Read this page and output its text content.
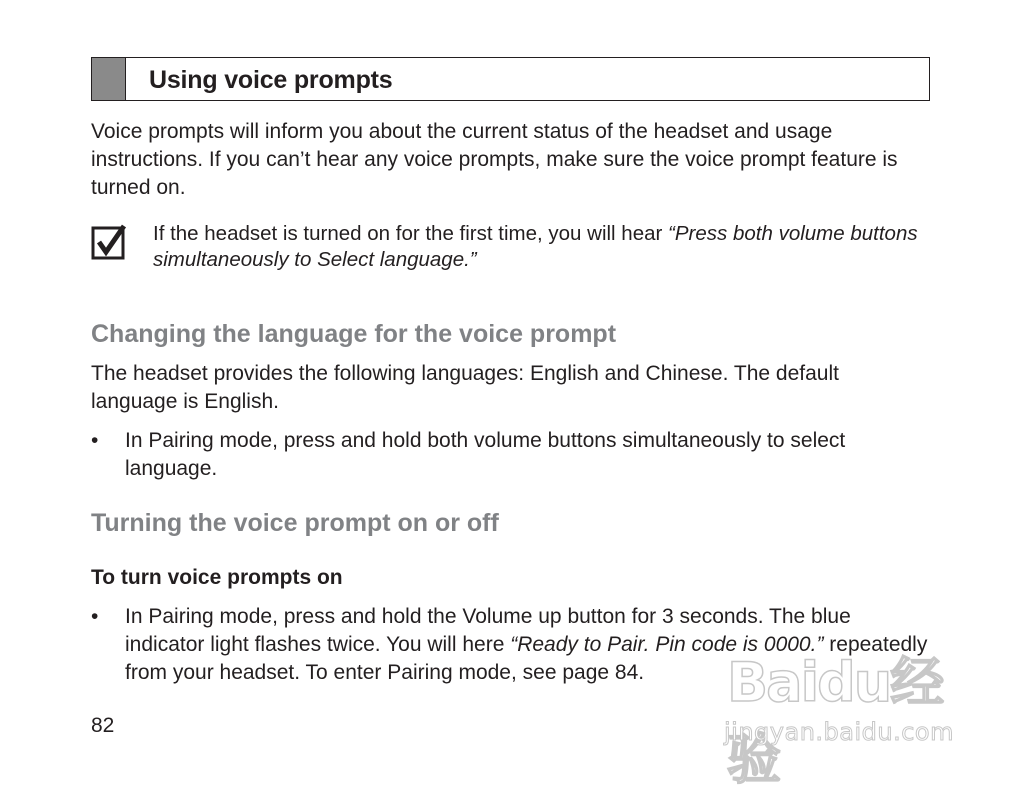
Using voice prompts

Voice prompts will inform you about the current status of the headset and usage instructions. If you can’t hear any voice prompts, make sure the voice prompt feature is turned on.

If the headset is turned on for the first time, you will hear “Press both volume buttons simultaneously to Select language.”

Changing the language for the voice prompt

The headset provides the following languages: English and Chinese. The default language is English.

• In Pairing mode, press and hold both volume buttons simultaneously to select language.

Turning the voice prompt on or off
To turn voice prompts on
• In Pairing mode, press and hold the Volume up button for 3 seconds. The blue indicator light flashes twice. You will here “Ready to Pair. Pin code is 0000.” repeatedly from your headset. To enter Pairing mode, see page 84.

82
Baidu经验
jingyan.baidu.com
